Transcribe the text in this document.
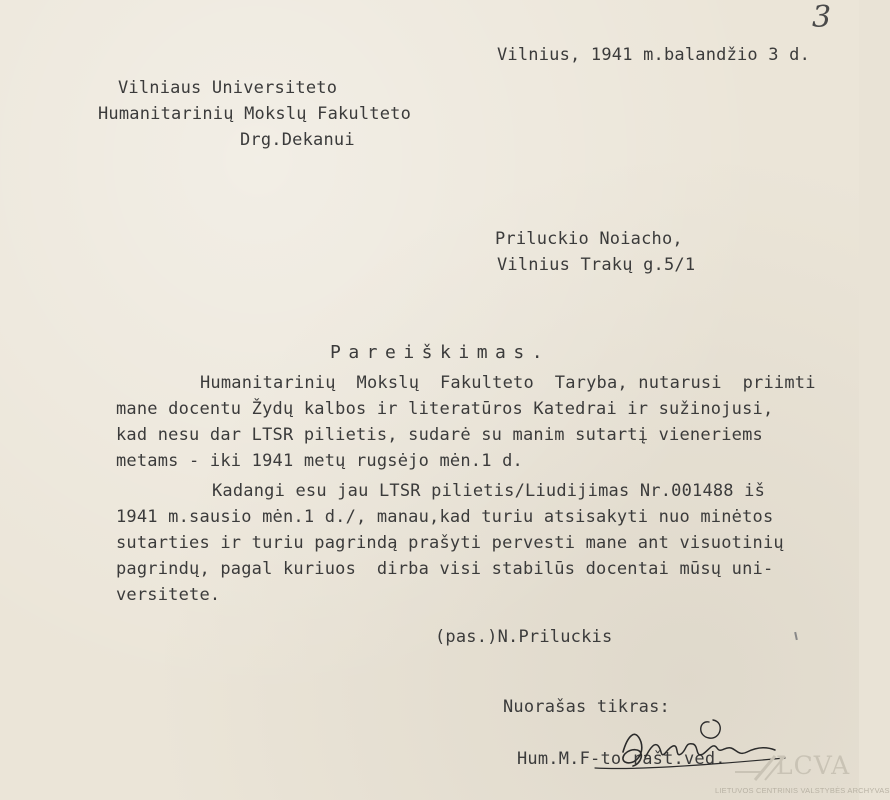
3
Vilnius, 1941 m.balandžio 3 d.
Vilniaus Universiteto
Humanitarinių Mokslų Fakulteto
Drg.Dekanui
Priluckio Noiacho,
Vilnius Trakų g.5/1
Pareiškimas.
Humanitarinių  Mokslų  Fakulteto  Taryba, nutarusi  priimti
mane docentu Žydų kalbos ir literatūros Katedrai ir sužinojusi,
kad nesu dar LTSR pilietis, sudarė su manim sutartį vieneriems
metams - iki 1941 metų rugsėjo mėn.1 d.
Kadangi esu jau LTSR pilietis/Liudijimas Nr.001488 iš
1941 m.sausio mėn.1 d./, manau,kad turiu atsisakyti nuo minėtos
sutarties ir turiu pagrindą prašyti pervesti mane ant visuotinių
pagrindų, pagal kuriuos  dirba visi stabilūs docentai mūsų uni-
versitete.
(pas.)N.Priluckis
Nuorašas tikras:
Hum.M.F-to rašt.ved. LCVA
LIETUVOS CENTRINIS VALSTYBĖS ARCHYVAS
